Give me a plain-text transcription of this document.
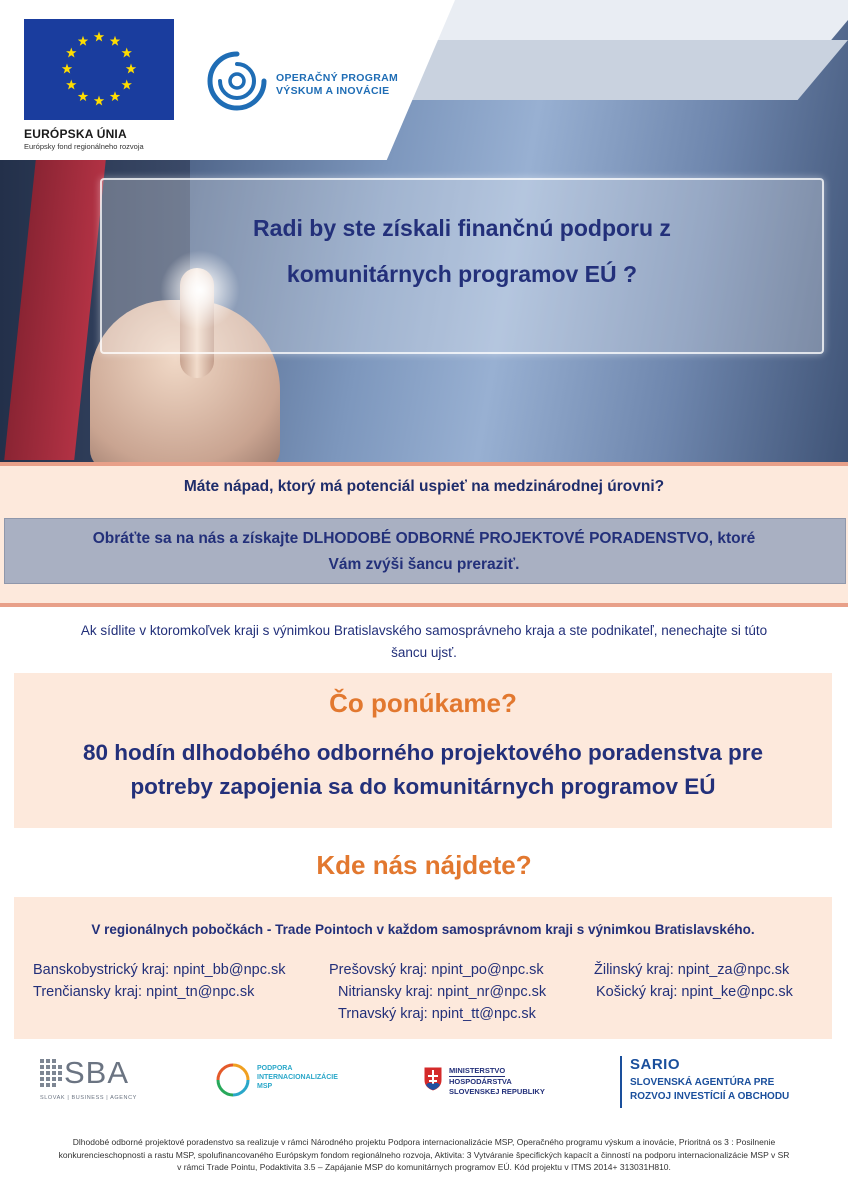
EURÓPSKA ÚNIA
Európsky fond regionálneho rozvoja
OPERAČNÝ PROGRAM
VÝSKUM A INOVÁCIE
Radi by ste získali finančnú podporu z
komunitárnych programov EÚ ?
Máte nápad, ktorý má potenciál uspieť na medzinárodnej úrovni?
Obráťte sa na nás a získajte DLHODOBÉ ODBORNÉ PROJEKTOVÉ PORADENSTVO, ktoré
Vám zvýši šancu preraziť.
Ak sídlite v ktoromkoľvek kraji s výnimkou Bratislavského samosprávneho kraja a ste podnikateľ, nenechajte si túto
šancu ujsť.
Čo ponúkame?
80 hodín dlhodobého odborného projektového poradenstva pre
potreby zapojenia sa do komunitárnych programov EÚ
Kde nás nájdete?
V regionálnych pobočkách - Trade Pointoch v každom samosprávnom kraji s výnimkou Bratislavského.
Banskobystrický kraj: npint_bb@npc.sk	Prešovský kraj: npint_po@npc.sk	Žilinský kraj: npint_za@npc.sk
Trenčiansky kraj: npint_tn@npc.sk	Nitriansky kraj: npint_nr@npc.sk	Košický kraj: npint_ke@npc.sk
Trnavský kraj: npint_tt@npc.sk
SBA
SLOVAK | BUSINESS | AGENCY
PODPORA
INTERNACIONALIZÁCIE
MSP
MINISTERSTVO
HOSPODÁRSTVA
SLOVENSKEJ REPUBLIKY
SARIO
SLOVENSKÁ AGENTÚRA PRE
ROZVOJ INVESTÍCIÍ A OBCHODU
Dlhodobé odborné projektové poradenstvo sa realizuje v rámci Národného projektu Podpora internacionalizácie MSP, Operačného programu výskum a inovácie, Prioritná os 3 : Posilnenie
konkurencieschopnosti a rastu MSP, spolufinancovaného Európskym fondom regionálneho rozvoja, Aktivita: 3 Vytváranie špecifických kapacít a činností na podporu internacionalizácie MSP v SR
v rámci Trade Pointu, Podaktivita 3.5 – Zapájanie MSP do komunitárnych programov EÚ. Kód projektu v ITMS 2014+ 313031H810.
